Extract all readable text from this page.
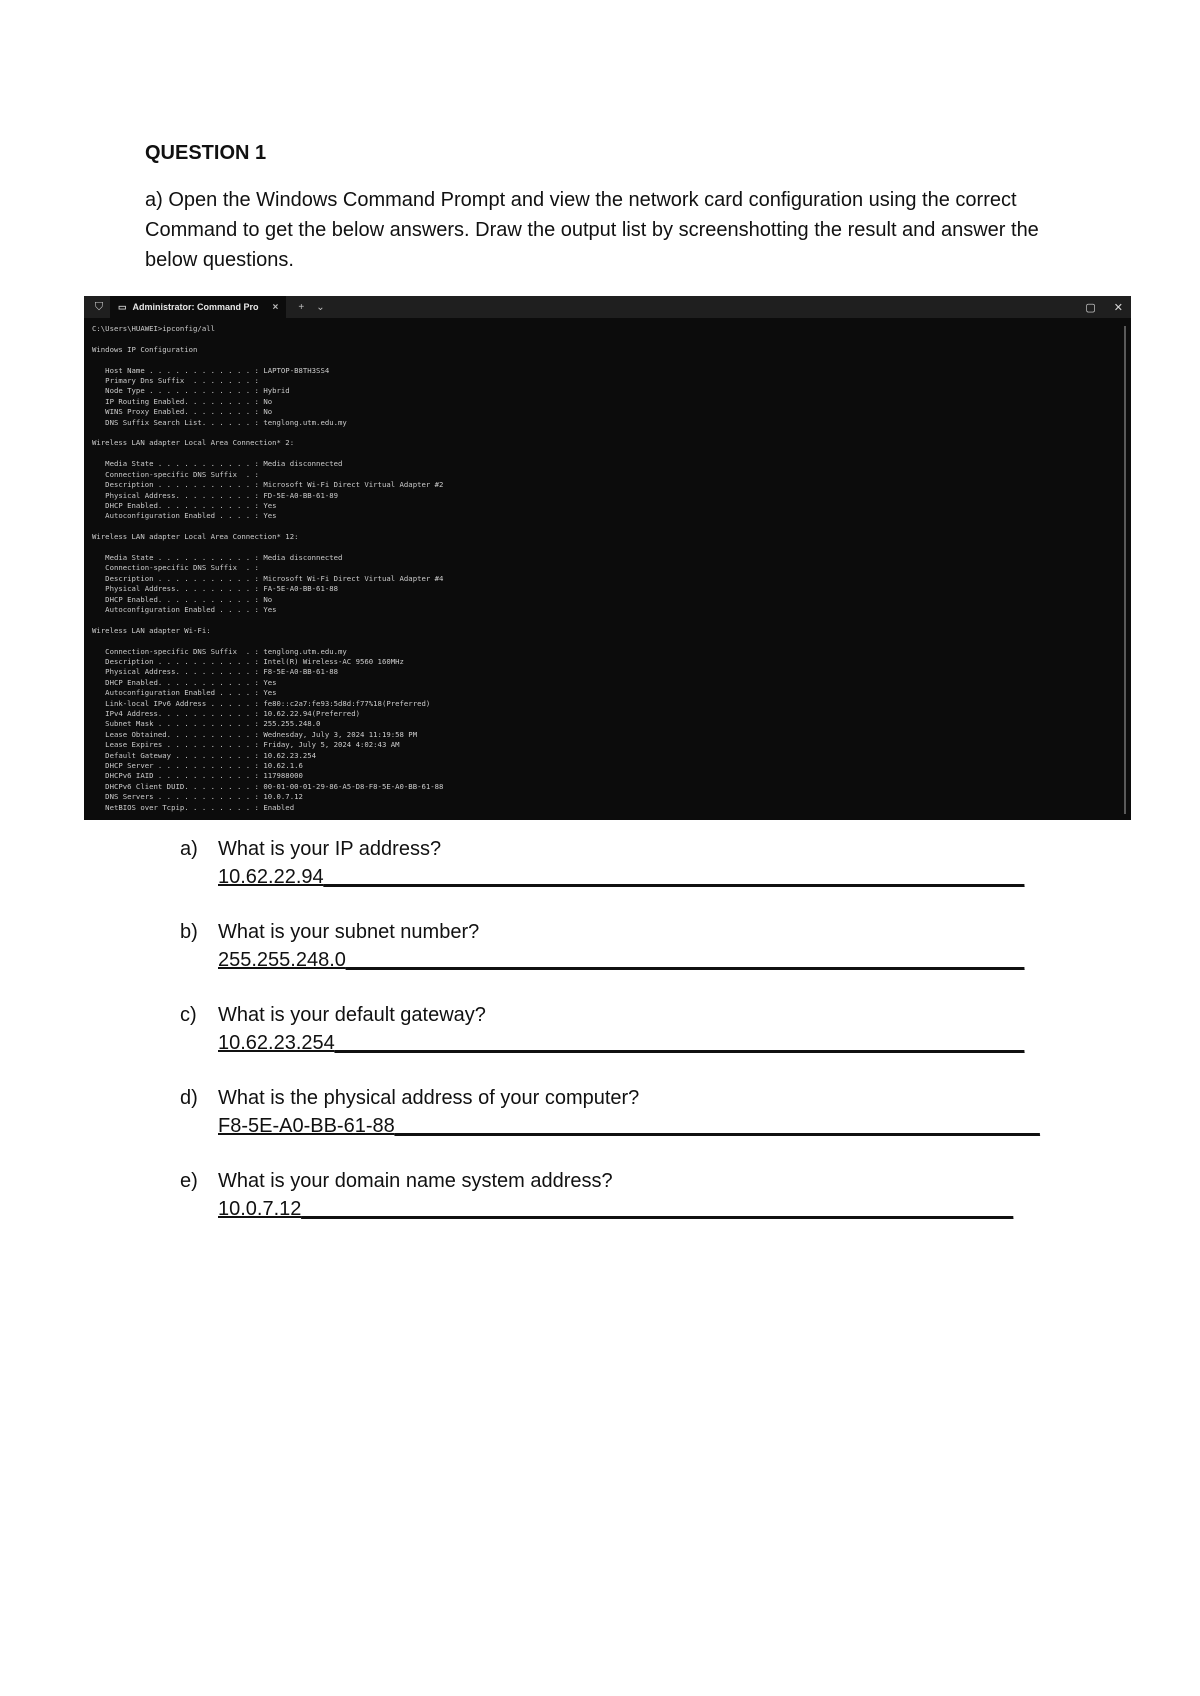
QUESTION 1

a) Open the Windows Command Prompt and view the network card configuration using the correct Command to get the below answers. Draw the output list by screenshotting the result and answer the below questions.

⛉	▭ Administrator: Command Pro × + ⌄	▢ ✕
C:\Users\HUAWEI>ipconfig/all

Windows IP Configuration

Host Name . . . . . . . . . . . . : LAPTOP-B8TH3SS4
Primary Dns Suffix  . . . . . . . :
Node Type . . . . . . . . . . . . : Hybrid
IP Routing Enabled. . . . . . . . : No
WINS Proxy Enabled. . . . . . . . : No
DNS Suffix Search List. . . . . . : tenglong.utm.edu.my

Wireless LAN adapter Local Area Connection* 2:

Media State . . . . . . . . . . . : Media disconnected
Connection-specific DNS Suffix  . :
Description . . . . . . . . . . . : Microsoft Wi-Fi Direct Virtual Adapter #2
Physical Address. . . . . . . . . : FD-5E-A0-BB-61-89
DHCP Enabled. . . . . . . . . . . : Yes
Autoconfiguration Enabled . . . . : Yes

Wireless LAN adapter Local Area Connection* 12:

Media State . . . . . . . . . . . : Media disconnected
Connection-specific DNS Suffix  . :
Description . . . . . . . . . . . : Microsoft Wi-Fi Direct Virtual Adapter #4
Physical Address. . . . . . . . . : FA-5E-A0-BB-61-88
DHCP Enabled. . . . . . . . . . . : No
Autoconfiguration Enabled . . . . : Yes

Wireless LAN adapter Wi-Fi:

Connection-specific DNS Suffix  . : tenglong.utm.edu.my
Description . . . . . . . . . . . : Intel(R) Wireless-AC 9560 160MHz
Physical Address. . . . . . . . . : F8-5E-A0-BB-61-88
DHCP Enabled. . . . . . . . . . . : Yes
Autoconfiguration Enabled . . . . : Yes
Link-local IPv6 Address . . . . . : fe80::c2a7:fe93:5d8d:f77%18(Preferred)
IPv4 Address. . . . . . . . . . . : 10.62.22.94(Preferred)
Subnet Mask . . . . . . . . . . . : 255.255.248.0
Lease Obtained. . . . . . . . . . : Wednesday, July 3, 2024 11:19:58 PM
Lease Expires . . . . . . . . . . : Friday, July 5, 2024 4:02:43 AM
Default Gateway . . . . . . . . . : 10.62.23.254
DHCP Server . . . . . . . . . . . : 10.62.1.6
DHCPv6 IAID . . . . . . . . . . . : 117988000
DHCPv6 Client DUID. . . . . . . . : 00-01-00-01-29-86-A5-D8-F8-5E-A0-BB-61-88
DNS Servers . . . . . . . . . . . : 10.0.7.12
NetBIOS over Tcpip. . . . . . . . : Enabled
a) What is your IP address?
10.62.22.94_______________________________________________________________
b) What is your subnet number?
255.255.248.0_____________________________________________________________
c) What is your default gateway?
10.62.23.254______________________________________________________________
d) What is the physical address of your computer?
F8-5E-A0-BB-61-88__________________________________________________________
e) What is your domain name system address?
10.0.7.12________________________________________________________________
